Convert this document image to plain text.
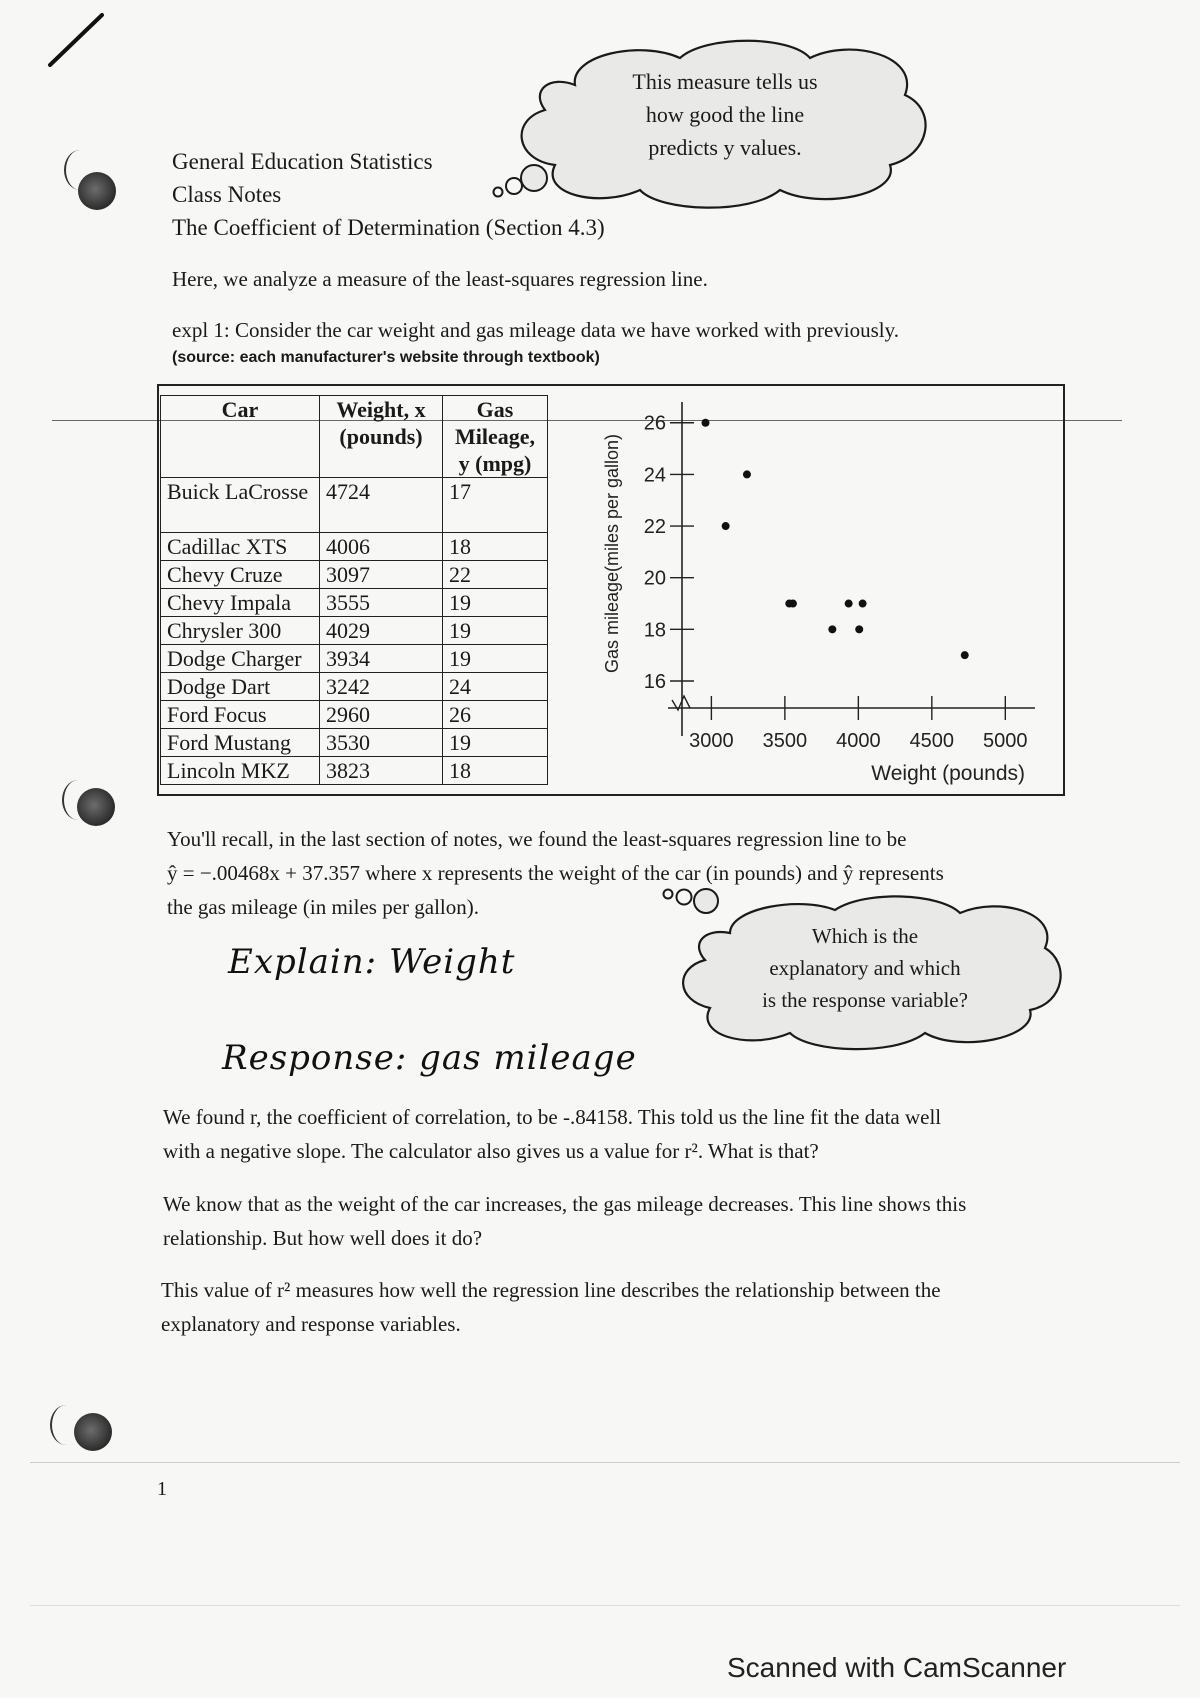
General Education Statistics
Class Notes
The Coefficient of Determination (Section 4.3)
This measure tells us
how good the line
predicts y values.
Here, we analyze a measure of the least-squares regression line.
expl 1: Consider the car weight and gas mileage data we have worked with previously.
(source: each manufacturer's website through textbook)
Car	Weight, x (pounds)	Gas Mileage, y (mpg)
Buick LaCrosse	4724	17
Cadillac XTS	4006	18
Chevy Cruze	3097	22
Chevy Impala	3555	19
Chrysler 300	4029	19
Dodge Charger	3934	19
Dodge Dart	3242	24
Ford Focus	2960	26
Ford Mustang	3530	19
Lincoln MKZ	3823	18
16
18
20
22
24
26
3000 3500 4000 4500 5000
Gas mileage(miles per gallon)
Weight (pounds)
You'll recall, in the last section of notes, we found the least-squares regression line to be
ŷ = −.00468x + 37.357 where x represents the weight of the car (in pounds) and ŷ represents
the gas mileage (in miles per gallon).
Which is the
explanatory and which
is the response variable?
Explain: Weight
Response: gas mileage
We found r, the coefficient of correlation, to be -.84158. This told us the line fit the data well
with a negative slope. The calculator also gives us a value for r². What is that?
We know that as the weight of the car increases, the gas mileage decreases. This line shows this
relationship. But how well does it do?
This value of r² measures how well the regression line describes the relationship between the
explanatory and response variables.
1
Scanned with CamScanner
